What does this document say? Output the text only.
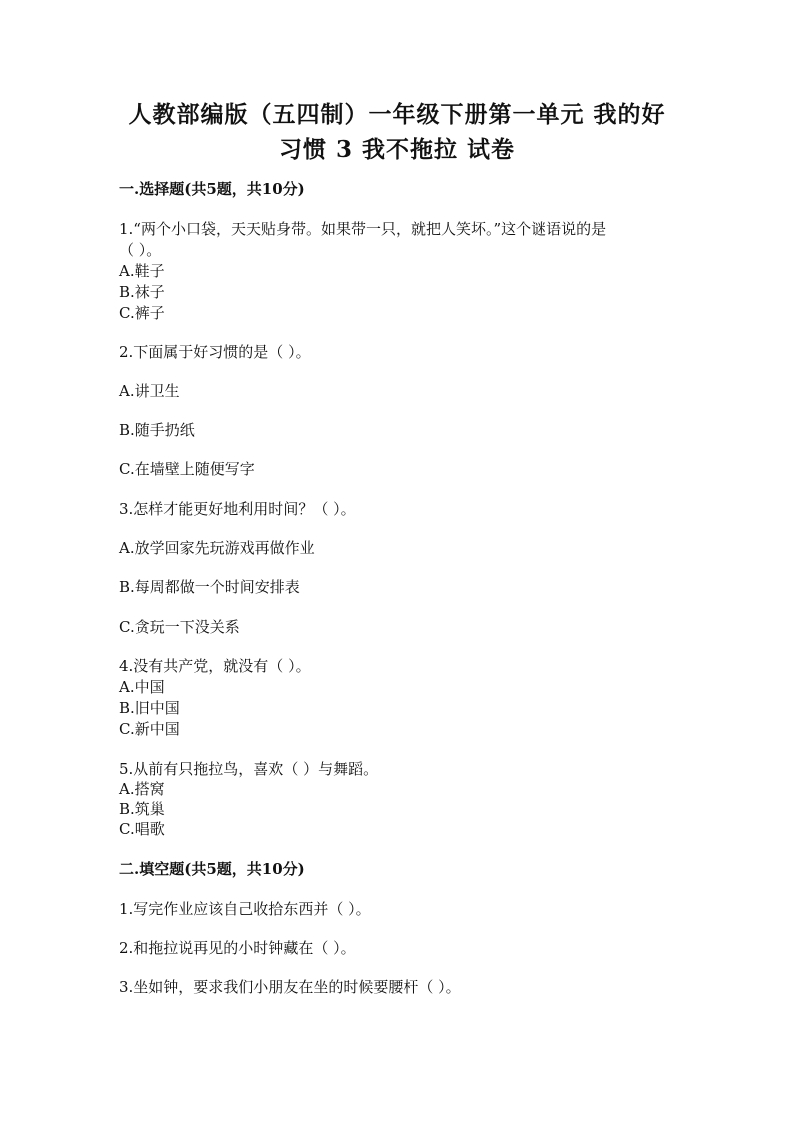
人教部编版（五四制）一年级下册第一单元 我的好
习惯 3 我不拖拉 试卷
一.选择题(共5题，共10分)
1.“两个小口袋，天天贴身带。如果带一只，就把人笑坏。”这个谜语说的是
（ ）。
A.鞋子
B.袜子
C.裤子
2.下面属于好习惯的是（ ）。
A.讲卫生
B.随手扔纸
C.在墙壁上随便写字
3.怎样才能更好地利用时间？（ ）。
A.放学回家先玩游戏再做作业
B.每周都做一个时间安排表
C.贪玩一下没关系
4.没有共产党，就没有（ ）。
A.中国
B.旧中国
C.新中国
5.从前有只拖拉鸟，喜欢（ ）与舞蹈。
A.搭窝
B.筑巢
C.唱歌
二.填空题(共5题，共10分)
1.写完作业应该自己收拾东西并（ ）。
2.和拖拉说再见的小时钟藏在（ ）。
3.坐如钟，要求我们小朋友在坐的时候要腰杆（ ）。
